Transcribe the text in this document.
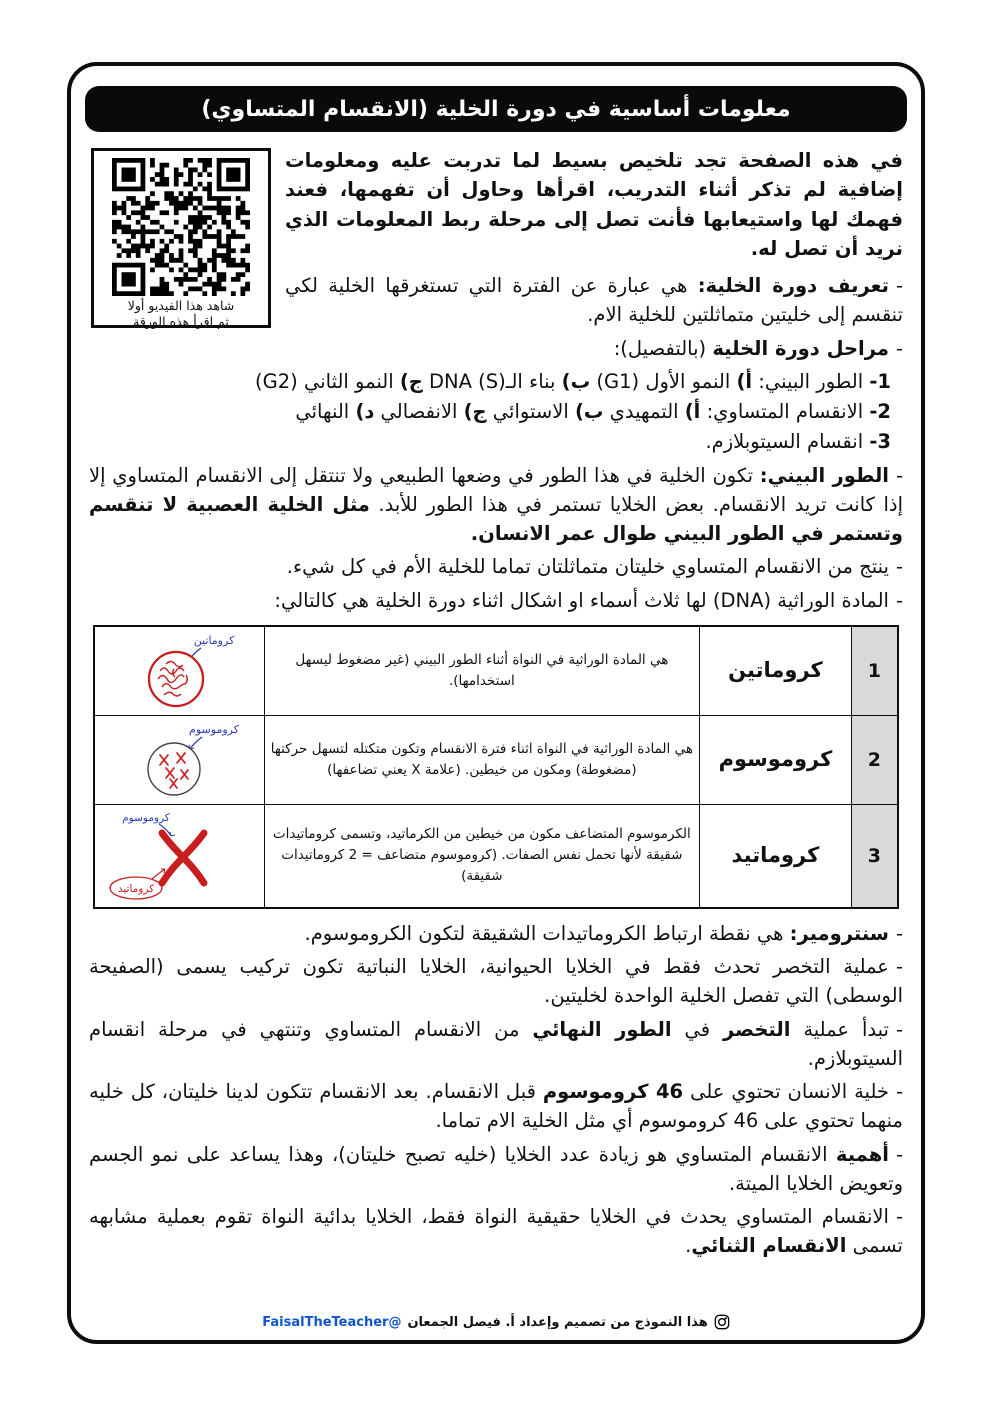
معلومات أساسية في دورة الخلية (الانقسام المتساوي)
شاهد هذا الفيديو أولا
ثم اقرأ هذه الورقة

في هذه الصفحة تجد تلخيص بسيط لما تدربت عليه ومعلومات إضافية لم تذكر أثناء التدريب، اقرأها وحاول أن تفهمها، فعند فهمك لها واستيعابها فأنت تصل إلى مرحلة ربط المعلومات الذي نريد أن تصل له.

-تعريف دورة الخلية: هي عبارة عن الفترة التي تستغرقها الخلية لكي تنقسم إلى خليتين متماثلتين للخلية الام.
-مراحل دورة الخلية (بالتفصيل):
1- الطور البيني: أ) النمو الأول (G1) ب) بناء الـDNA (S) ج) النمو الثاني (G2)
2- الانقسام المتساوي: أ) التمهيدي ب) الاستوائي ج) الانفصالي د) النهائي
3- انقسام السيتوبلازم.
-الطور البيني: تكون الخلية في هذا الطور في وضعها الطبيعي ولا تنتقل إلى الانقسام المتساوي إلا إذا كانت تريد الانقسام. بعض الخلايا تستمر في هذا الطور للأبد. مثل الخلية العصبية لا تنقسم وتستمر في الطور البيني طوال عمر الانسان.
-ينتج من الانقسام المتساوي خليتان متماثلتان تماما للخلية الأم في كل شيء.
-المادة الوراثية (DNA) لها ثلاث أسماء او اشكال اثناء دورة الخلية هي كالتالي:
1	كروماتين	هي المادة الوراثية في النواة أثناء الطور البيني (غير مضغوط ليسهل استخدامها).	كروماتين

2	كروموسوم	هي المادة الوراثية في النواة اثناء فترة الانقسام وتكون متكتله لتسهل حركتها (مضغوطة) ومكون من خيطين. (علامة X يعني تضاعفها)	كروموسوم

3	كروماتيد	الكرموسوم المتضاعف مكون من خيطين من الكرماتيد، وتسمى كروماتيدات شقيقة لأنها تحمل نفس الصفات. (كروموسوم متضاعف = 2 كروماتيدات شقيقة)	كروموسوم
كروماتيد
-سنترومير: هي نقطة ارتباط الكروماتيدات الشقيقة لتكون الكروموسوم.
-عملية التخصر تحدث فقط في الخلايا الحيوانية، الخلايا النباتية تكون تركيب يسمى (الصفيحة الوسطى) التي تفصل الخلية الواحدة لخليتين.
-تبدأ عملية التخصر في الطور النهائي من الانقسام المتساوي وتنتهي في مرحلة انقسام السيتوبلازم.
-خلية الانسان تحتوي على 46 كروموسوم قبل الانقسام. بعد الانقسام تتكون لدينا خليتان، كل خليه منهما تحتوي على 46 كروموسوم أي مثل الخلية الام تماما.
-أهمية الانقسام المتساوي هو زيادة عدد الخلايا (خليه تصبح خليتان)، وهذا يساعد على نمو الجسم وتعويض الخلايا الميتة.
-الانقسام المتساوي يحدث في الخلايا حقيقية النواة فقط، الخلايا بدائية النواة تقوم بعملية مشابهه تسمى الانقسام الثنائي.
هذا النموذج من تصميم وإعداد أ. فيصل الجمعان
@FaisalTheTeacher
